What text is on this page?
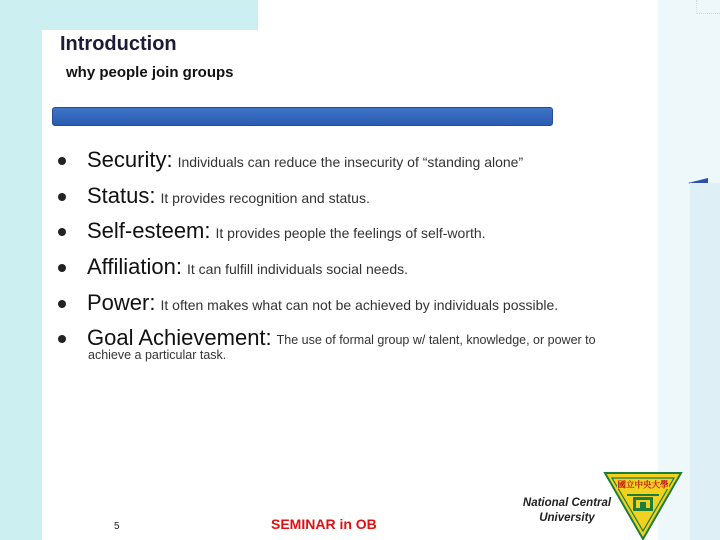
Introduction
why people join groups
Security: Individuals can reduce the insecurity of “standing alone”
Status: It provides recognition and status.
Self-esteem: It provides people the feelings of self-worth.
Affiliation: It can fulfill individuals social needs.
Power: It often makes what can not be achieved by individuals possible.
Goal Achievement: The use of formal group w/ talent, knowledge, or power to
achieve a particular task.
5	SEMINAR in OB
National Central
University
國立中央大學
